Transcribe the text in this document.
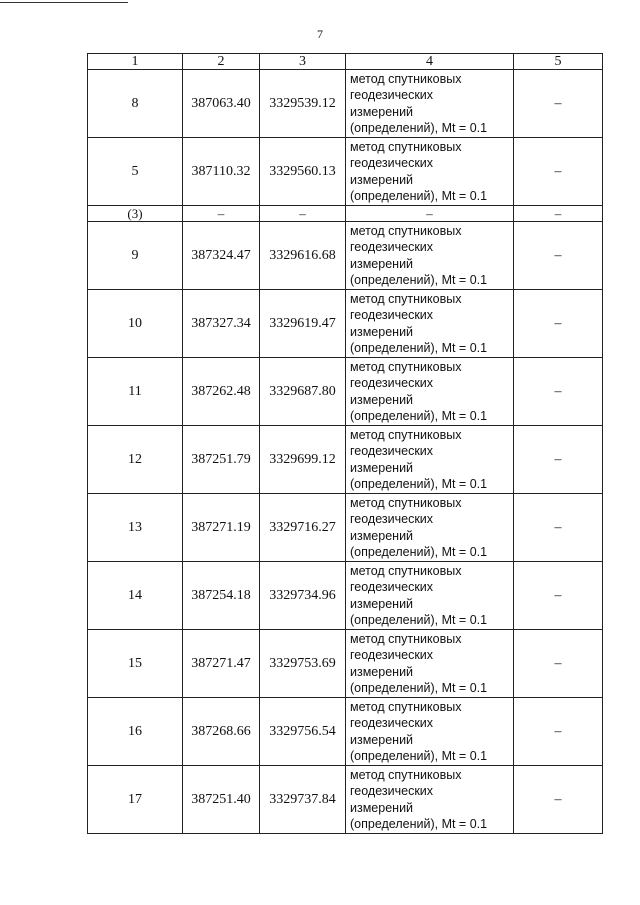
7
1	2	3	4	5
8	387063.40	3329539.12	метод спутниковых
геодезических
измерений
(определений), Mt = 0.1	–
5	387110.32	3329560.13	метод спутниковых
геодезических
измерений
(определений), Mt = 0.1	–
(3)	–	–	–	–
9	387324.47	3329616.68	метод спутниковых
геодезических
измерений
(определений), Mt = 0.1	–
10	387327.34	3329619.47	метод спутниковых
геодезических
измерений
(определений), Mt = 0.1	–
11	387262.48	3329687.80	метод спутниковых
геодезических
измерений
(определений), Mt = 0.1	–
12	387251.79	3329699.12	метод спутниковых
геодезических
измерений
(определений), Mt = 0.1	–
13	387271.19	3329716.27	метод спутниковых
геодезических
измерений
(определений), Mt = 0.1	–
14	387254.18	3329734.96	метод спутниковых
геодезических
измерений
(определений), Mt = 0.1	–
15	387271.47	3329753.69	метод спутниковых
геодезических
измерений
(определений), Mt = 0.1	–
16	387268.66	3329756.54	метод спутниковых
геодезических
измерений
(определений), Mt = 0.1	–
17	387251.40	3329737.84	метод спутниковых
геодезических
измерений
(определений), Mt = 0.1	–
